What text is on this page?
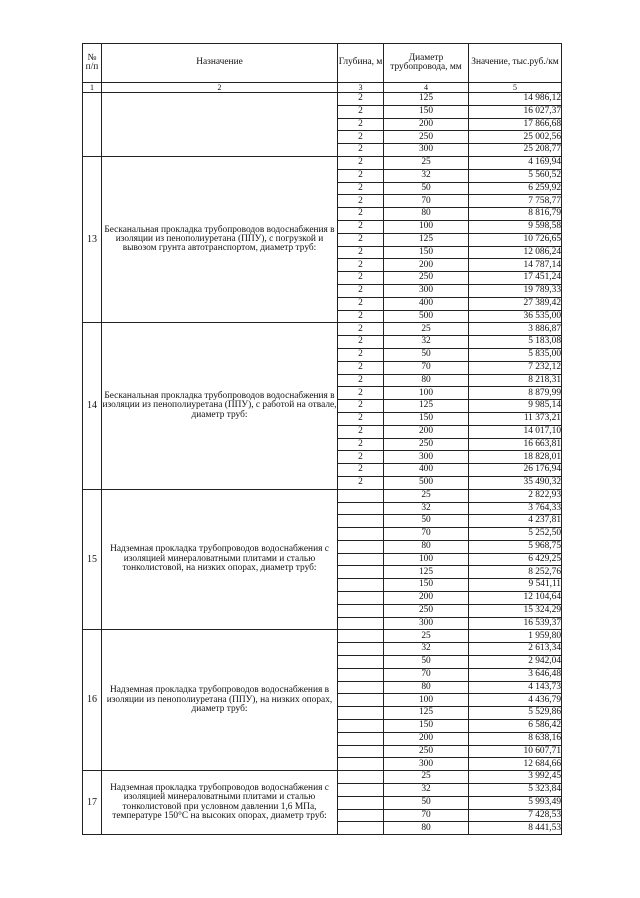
№ п/п	Назначение	Глубина, м	Диаметр трубопровода, мм	Значение, тыс.руб./км
1	2	3	4	5
		2	125	14 986,12
		2	150	16 027,37
		2	200	17 866,68
		2	250	25 002,56
		2	300	25 208,77
13	Бесканальная прокладка трубопроводов водоснабжения в изоляции из пенополиуретана (ППУ), с погрузкой и вывозом грунта автотранспортом, диаметр труб:	2	25	4 169,94
		2	32	5 560,52
		2	50	6 259,92
		2	70	7 758,77
		2	80	8 816,79
		2	100	9 598,58
		2	125	10 726,65
		2	150	12 086,24
		2	200	14 787,14
		2	250	17 451,24
		2	300	19 789,33
		2	400	27 389,42
		2	500	36 535,00
14	Бесканальная прокладка трубопроводов водоснабжения в изоляции из пенополиуретана (ППУ), с работой на отвале, диаметр труб:	2	25	3 886,87
		2	32	5 183,08
		2	50	5 835,00
		2	70	7 232,12
		2	80	8 218,31
		2	100	8 879,99
		2	125	9 985,14
		2	150	11 373,21
		2	200	14 017,10
		2	250	16 663,81
		2	300	18 828,01
		2	400	26 176,94
		2	500	35 490,32
15	Надземная прокладка трубопроводов водоснабжения с изоляцией минераловатными плитами и сталью тонколистовой, на низких опорах, диаметр труб:		25	2 822,93
			32	3 764,33
			50	4 237,81
			70	5 252,50
			80	5 968,75
			100	6 429,25
			125	8 252,76
			150	9 541,11
			200	12 104,64
			250	15 324,29
			300	16 539,37
16	Надземная прокладка трубопроводов водоснабжения в изоляции из пенополиуретана (ППУ), на низких опорах, диаметр труб:		25	1 959,80
			32	2 613,34
			50	2 942,04
			70	3 646,48
			80	4 143,73
			100	4 436,79
			125	5 529,86
			150	6 586,42
			200	8 638,16
			250	10 607,71
			300	12 684,66
17	Надземная прокладка трубопроводов водоснабжения с изоляцией минераловатными плитами и сталью тонколистовой при условном давлении 1,6 МПа, температуре 150°С на высоких опорах, диаметр труб:		25	3 992,45
			32	5 323,84
			50	5 993,49
			70	7 428,53
			80	8 441,53
